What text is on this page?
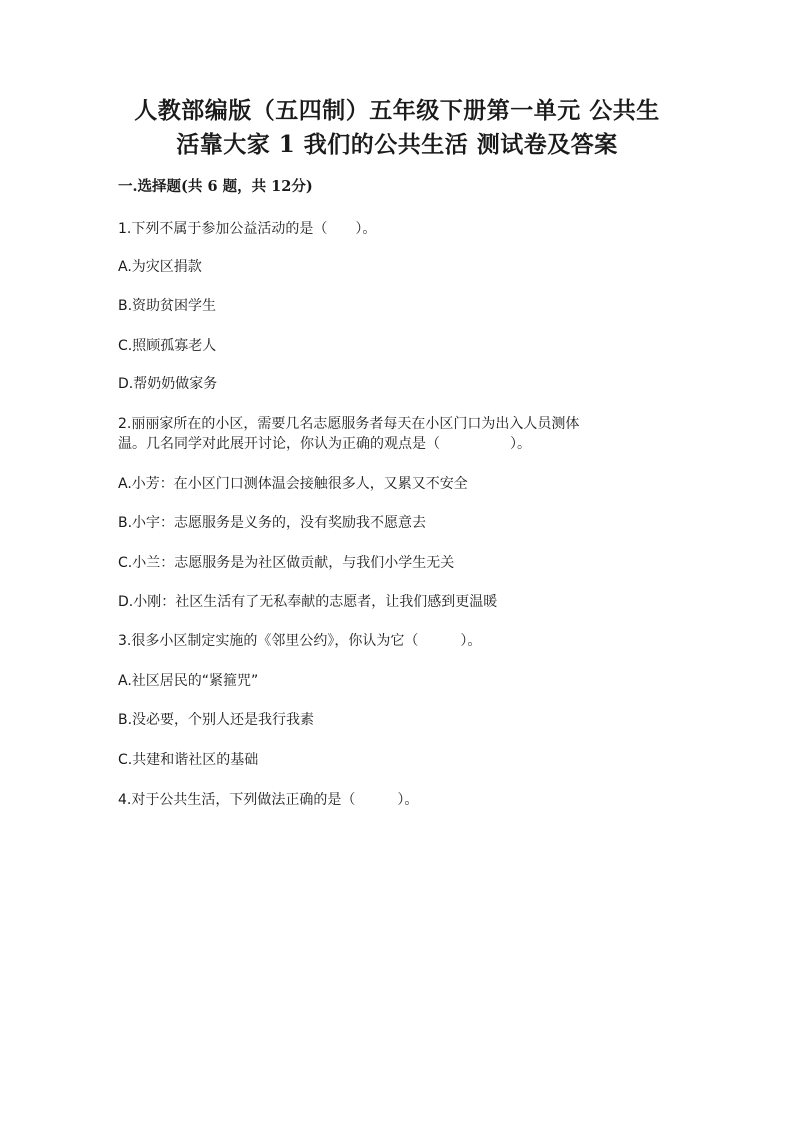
人教部编版（五四制）五年级下册第一单元 公共生
活靠大家 1 我们的公共生活 测试卷及答案

一.选择题(共 6 题，共 12分)

1.下列不属于参加公益活动的是（　　）。

A.为灾区捐款

B.资助贫困学生

C.照顾孤寡老人

D.帮奶奶做家务

2.丽丽家所在的小区，需要几名志愿服务者每天在小区门口为出入人员测体

温。几名同学对此展开讨论，你认为正确的观点是（　　　　　）。

A.小芳：在小区门口测体温会接触很多人，又累又不安全

B.小宇：志愿服务是义务的，没有奖励我不愿意去

C.小兰：志愿服务是为社区做贡献，与我们小学生无关

D.小刚：社区生活有了无私奉献的志愿者，让我们感到更温暖

3.很多小区制定实施的《邻里公约》，你认为它（　　　）。

A.社区居民的“紧箍咒”

B.没必要，个别人还是我行我素

C.共建和谐社区的基础

4.对于公共生活，下列做法正确的是（　　　）。
